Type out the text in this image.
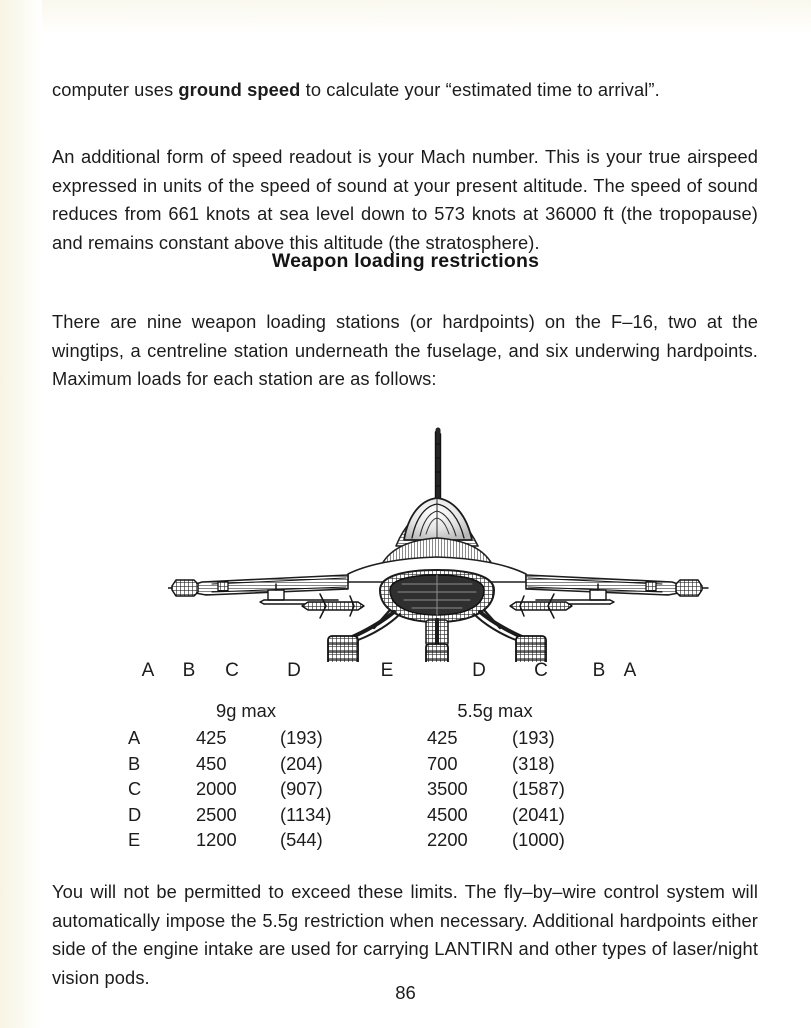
computer uses ground speed to calculate your “estimated time to arrival”.

An additional form of speed readout is your Mach number. This is your true airspeed expressed in units of the speed of sound at your present altitude. The speed of sound reduces from 661 knots at sea level down to 573 knots at 36000 ft (the tropopause) and remains constant above this altitude (the stratosphere).

Weapon loading restrictions

There are nine weapon loading stations (or hardpoints) on the F–16, two at the wingtips, a centreline station underneath the fuselage, and six underwing hardpoints. Maximum loads for each station are as follows:

A B C	D	E	D	C B A
9g max	5.5g max
A	425	(193)	425	(193)
B	450	(204)	700	(318)
C	2000 (907)	3500 (1587)
D	2500 (1134)	4500 (2041)
E	1200 (544)	2200 (1000)

You will not be permitted to exceed these limits. The fly–by–wire control system will automatically impose the 5.5g restriction when necessary. Additional hardpoints either side of the engine intake are used for carrying LANTIRN and other types of laser/night vision pods.

86
